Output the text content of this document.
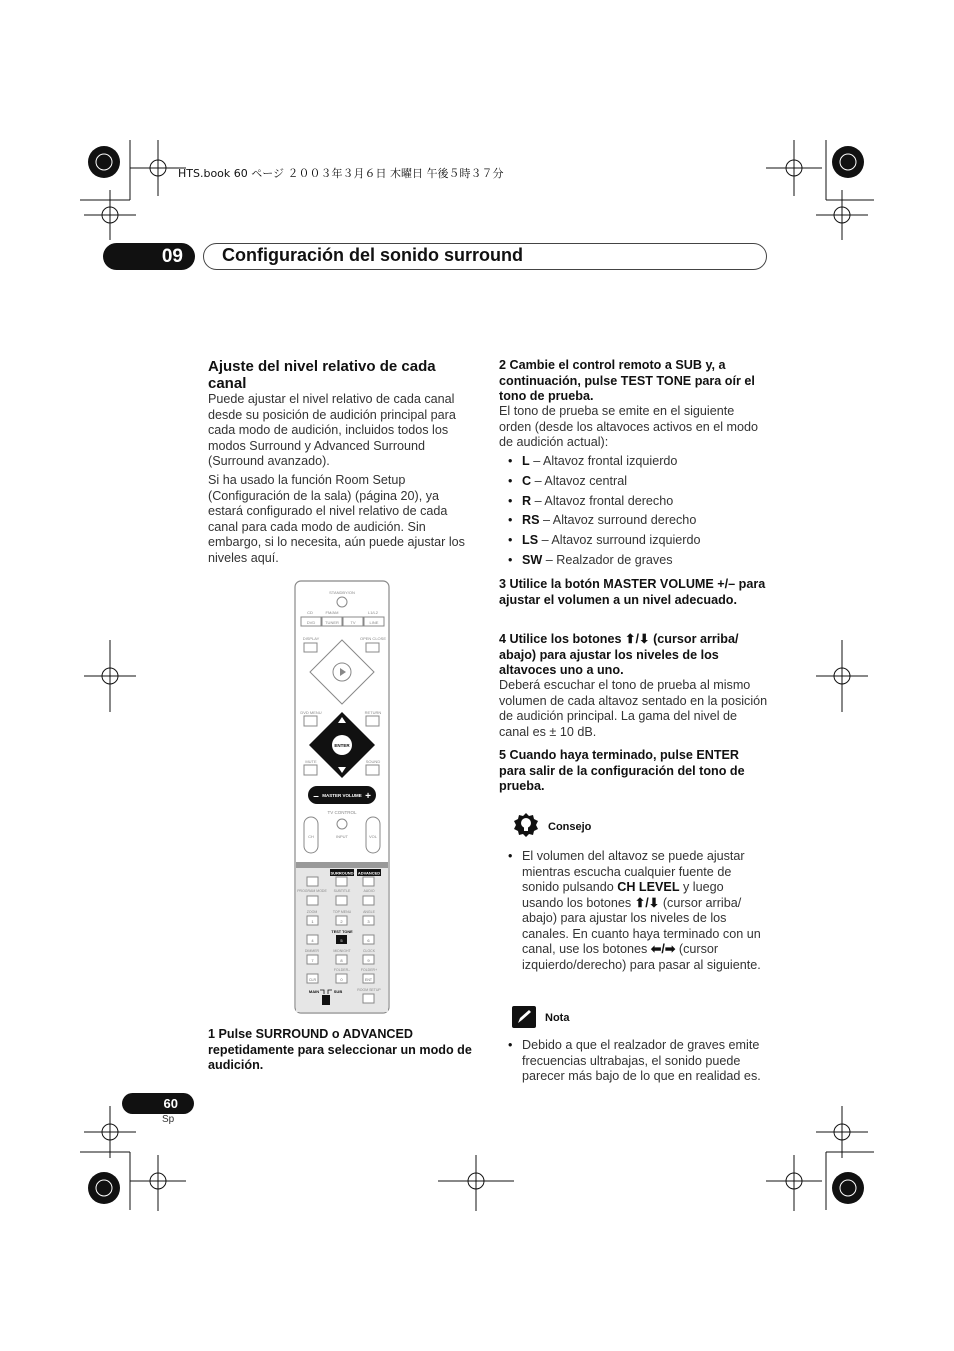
HTS.book 60 ページ ２００３年３月６日 木曜日 午後５時３７分
09	Configuración del sonido surround
Ajuste del nivel relativo de cada canal
Puede ajustar el nivel relativo de cada canal desde su posición de audición principal para cada modo de audición, incluidos todos los modos Surround y Advanced Surround (Surround avanzado).
Si ha usado la función Room Setup (Configuración de la sala) (página 20), ya estará configurado el nivel relativo de cada canal para cada modo de audición. Sin embargo, si lo necesita, aún puede ajustar los niveles aquí.
STANDBY/ON
CD	FM/AM	L1/L2
DVD TUNER	TV	LINE
DISPLAY	OPEN CLOSE
DVD MENU	RETURN
ENTER
MUTE	SOUND
MASTER VOLUME
–	+
TV CONTROL
CH	INPUT	VOL
SURROUND ADVANCED
PROGRAM MODE SUBTITLE	AUDIO
ZOOM	TOP MENU	ANGLE
TEST TONE
DIMMER	MIDNIGHT	CLOCK
FOLDER–	FOLDER+
1	2	3
4	5	6
7	8	9
CLR	0	ENT
MAIN	SUB	ROOM SETUP
1 Pulse SURROUND o ADVANCED repetidamente para seleccionar un modo de audición.
2 Cambie el control remoto a SUB y, a continuación, pulse TEST TONE para oír el tono de prueba.
El tono de prueba se emite en el siguiente orden (desde los altavoces activos en el modo de audición actual):
• L – Altavoz frontal izquierdo
• C – Altavoz central
• R – Altavoz frontal derecho
• RS – Altavoz surround derecho
• LS – Altavoz surround izquierdo
• SW – Realzador de graves
3 Utilice la botón MASTER VOLUME +/– para ajustar el volumen a un nivel adecuado.
4 Utilice los botones ⬆/⬇ (cursor arriba/ abajo) para ajustar los niveles de los altavoces uno a uno.
Deberá escuchar el tono de prueba al mismo volumen de cada altavoz sentado en la posición de audición principal. La gama del nivel de canal es ± 10 dB.
5 Cuando haya terminado, pulse ENTER para salir de la configuración del tono de prueba.
Consejo
• El volumen del altavoz se puede ajustar mientras escucha cualquier fuente de sonido pulsando CH LEVEL y luego usando los botones ⬆/⬇ (cursor arriba/ abajo) para ajustar los niveles de los canales. En cuanto haya terminado con un canal, use los botones ⬅/➡ (cursor izquierdo/derecho) para pasar al siguiente.
Nota
• Debido a que el realzador de graves emite frecuencias ultrabajas, el sonido puede parecer más bajo de lo que en realidad es.
60
Sp
